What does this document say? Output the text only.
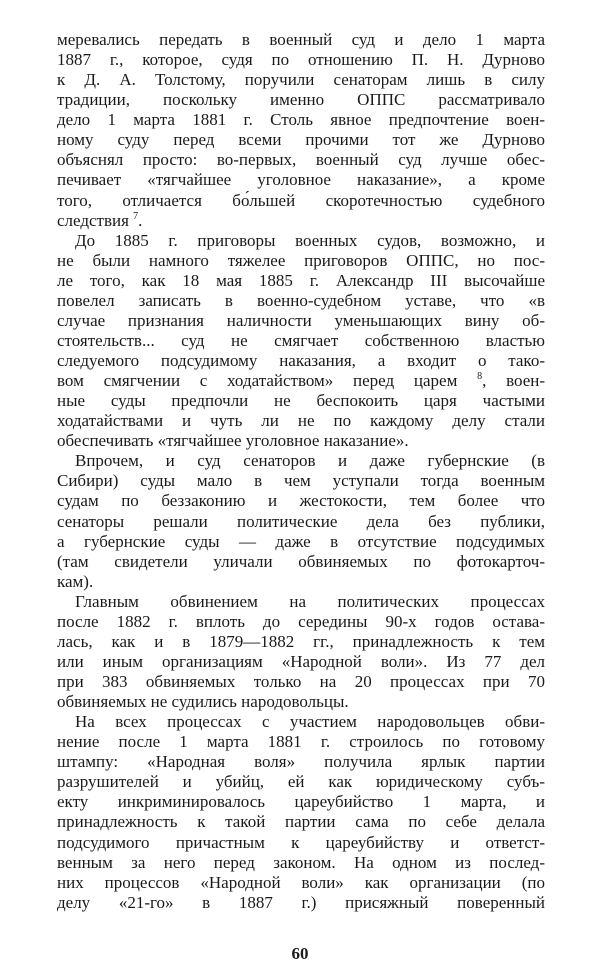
меревались передать в военный суд и дело 1 марта
1887 г., которое, судя по отношению П. Н. Дурново
к Д. А. Толстому, поручили сенаторам лишь в силу
традиции, поскольку именно ОППС рассматривало
дело 1 марта 1881 г. Столь явное предпочтение воен-
ному суду перед всеми прочими тот же Дурново
объяснял просто: во-первых, военный суд лучше обес-
печивает «тягчайшее уголовное наказание», а кроме
того, отличается бо́льшей скоротечностью судебного
следствия $^7$.
До 1885 г. приговоры военных судов, возможно, и
не были намного тяжелее приговоров ОППС, но пос-
ле того, как 18 мая 1885 г. Александр III высочайше
повелел записать в военно-судебном уставе, что «в
случае признания наличности уменьшающих вину об-
стоятельств... суд не смягчает собственною властью
следуемого подсудимому наказания, а входит о тако-
вом смягчении с ходатайством» перед царем $^8$, воен-
ные суды предпочли не беспокоить царя частыми
ходатайствами и чуть ли не по каждому делу стали
обеспечивать «тягчайшее уголовное наказание».
Впрочем, и суд сенаторов и даже губернские (в
Сибири) суды мало в чем уступали тогда военным
судам по беззаконию и жестокости, тем более что
сенаторы решали политические дела без публики,
а губернские суды — даже в отсутствие подсудимых
(там свидетели уличали обвиняемых по фотокарточ-
кам).
Главным обвинением на политических процессах
после 1882 г. вплоть до середины 90-х годов остава-
лась, как и в 1879—1882 гг., принадлежность к тем
или иным организациям «Народной воли». Из 77 дел
при 383 обвиняемых только на 20 процессах при 70
обвиняемых не судились народовольцы.
На всех процессах с участием народовольцев обви-
нение после 1 марта 1881 г. строилось по готовому
штампу: «Народная воля» получила ярлык партии
разрушителей и убийц, ей как юридическому субъ-
екту инкриминировалось цареубийство 1 марта, и
принадлежность к такой партии сама по себе делала
подсудимого причастным к цареубийству и ответст-
венным за него перед законом. На одном из послед-
них процессов «Народной воли» как организации (по
делу «21-го» в 1887 г.) присяжный поверенный
60
